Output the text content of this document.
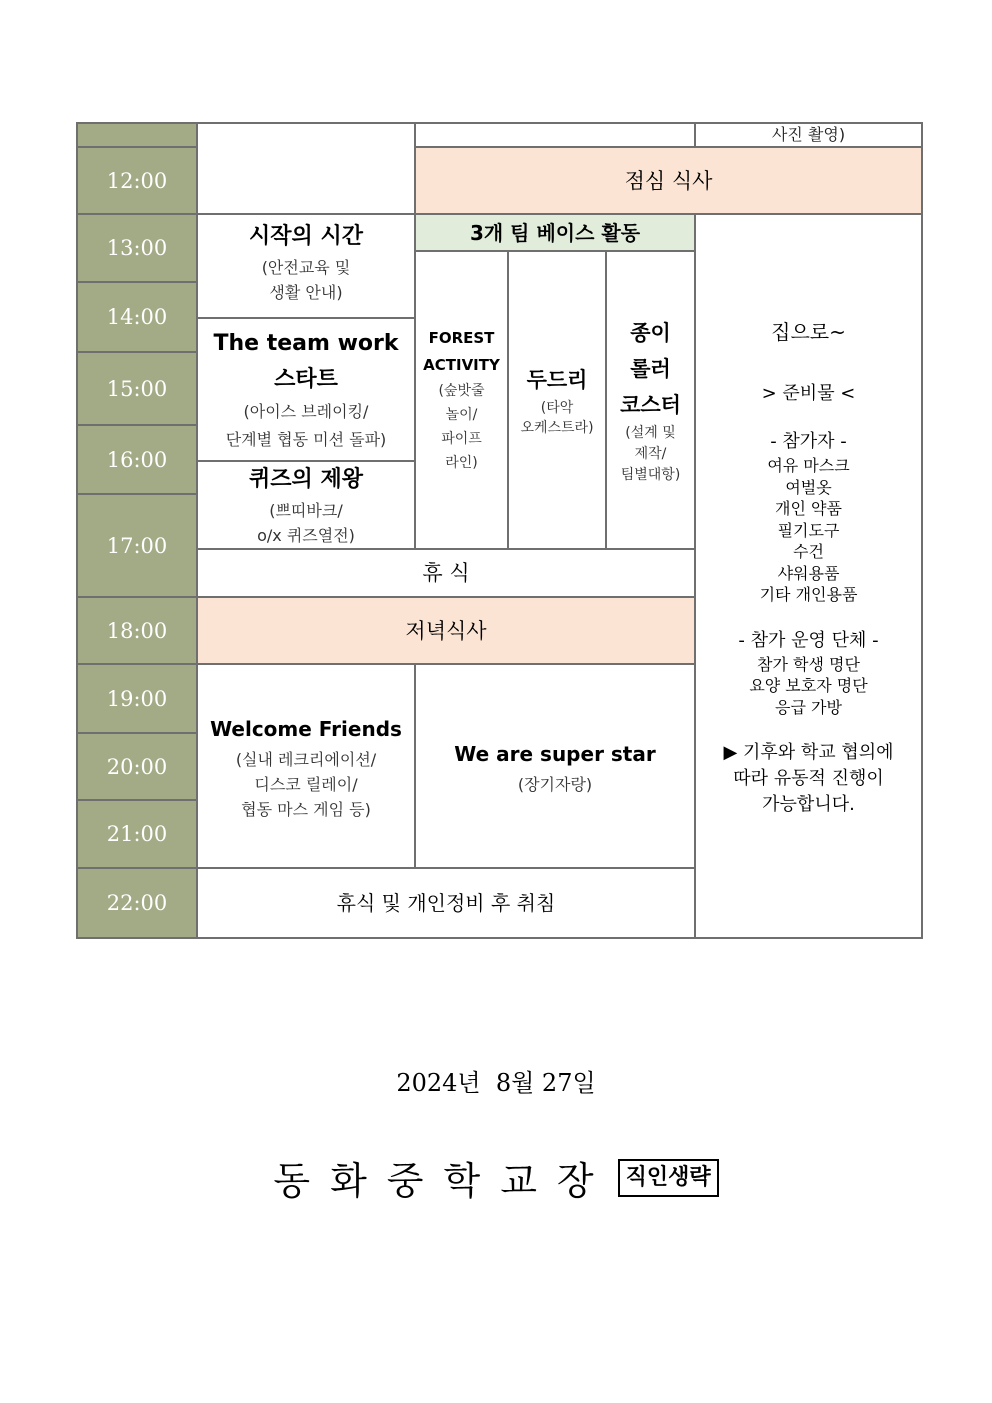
사진 촬영)
12:00
13:00
14:00
15:00
16:00
17:00
18:00
19:00
20:00
21:00
22:00
점심 식사
시작의 시간
(안전교육 및
생활 안내)
The team work
스타트
(아이스 브레이킹/
단계별 협동 미션 돌파)
퀴즈의 제왕
(쁘띠바크/
o/x 퀴즈열전)
3개 팀 베이스 활동
FOREST
ACTIVITY
(숲밧줄
놀이/
파이프
라인)
두드리
(타악
오케스트라)
종이
롤러
코스터
(설계 및
제작/
팀별대항)
휴 식
저녁식사
Welcome Friends
(실내 레크리에이션/
디스코 릴레이/
협동 마스 게임 등)
We are super star
(장기자랑)
휴식 및 개인정비 후 취침
집으로~
> 준비물 <
- 참가자 -
여유 마스크
여벌옷
개인 약품
필기도구
수건
샤워용품
기타 개인용품
- 참가 운영 단체 -
참가 학생 명단
요양 보호자 명단
응급 가방
▶ 기후와 학교 협의에
따라 유동적 진행이
가능합니다.
2024년  8월 27일
동화중학교장 직인생략
